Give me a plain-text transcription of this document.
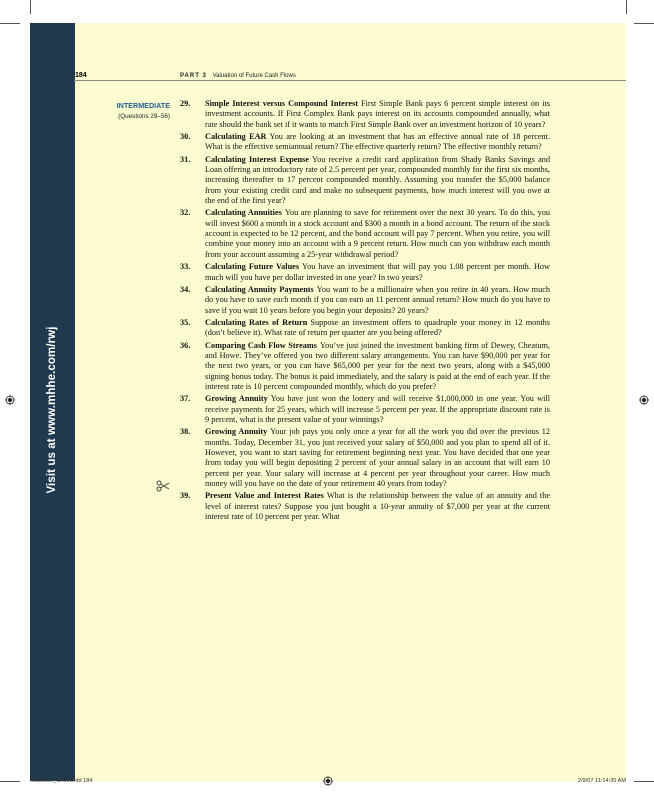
Visit us at www.mhhe.com/rwj
184	PART 3 Valuation of Future Cash Flows
INTERMEDIATE
(Questions 29–56)
29.	Simple Interest versus Compound Interest First Simple Bank pays 6 percent simple interest on its investment accounts. If First Complex Bank pays interest on its accounts compounded annually, what rate should the bank set if it wants to match First Simple Bank over an investment horizon of 10 years?
30.	Calculating EAR You are looking at an investment that has an effective annual rate of 18 percent. What is the effective semiannual return? The effective quarterly return? The effective monthly return?
31.	Calculating Interest Expense You receive a credit card application from Shady Banks Savings and Loan offering an introductory rate of 2.5 percent per year, compounded monthly for the first six months, increasing thereafter to 17 percent compounded monthly. Assuming you transfer the $5,000 balance from your existing credit card and make no subsequent payments, how much interest will you owe at the end of the first year?
32.	Calculating Annuities You are planning to save for retirement over the next 30 years. To do this, you will invest $600 a month in a stock account and $300 a month in a bond account. The return of the stock account is expected to be 12 percent, and the bond account will pay 7 percent. When you retire, you will combine your money into an account with a 9 percent return. How much can you withdraw each month from your account assuming a 25-year withdrawal period?
33.	Calculating Future Values You have an investment that will pay you 1.08 percent per month. How much will you have per dollar invested in one year? In two years?
34.	Calculating Annuity Payments You want to be a millionaire when you retire in 40 years. How much do you have to save each month if you can earn an 11 percent annual return? How much do you have to save if you wait 10 years before you begin your deposits? 20 years?
35.	Calculating Rates of Return Suppose an investment offers to quadruple your money in 12 months (don’t believe it). What rate of return per quarter are you being offered?
36.	Comparing Cash Flow Streams You’ve just joined the investment banking firm of Dewey, Cheatum, and Howe. They’ve offered you two different salary arrangements. You can have $90,000 per year for the next two years, or you can have $65,000 per year for the next two years, along with a $45,000 signing bonus today. The bonus is paid immediately, and the salary is paid at the end of each year. If the interest rate is 10 percent compounded monthly, which do you prefer?
37.	Growing Annuity You have just won the lottery and will receive $1,000,000 in one year. You will receive payments for 25 years, which will increase 5 percent per year. If the appropriate discount rate is 9 percent, what is the present value of your winnings?
38.	Growing Annuity Your job pays you only once a year for all the work you did over the previous 12 months. Today, December 31, you just received your salary of $50,000 and you plan to spend all of it. However, you want to start saving for retirement beginning next year. You have decided that one year from today you will begin depositing 2 percent of your annual salary in an account that will earn 10 percent per year. Your salary will increase at 4 percent per year throughout your career. How much money will you have on the date of your retirement 40 years from today?
39.	Present Value and Interest Rates What is the relationship between the value of an annuity and the level of interest rates? Suppose you just bought a 10-year annuity of $7,000 per year at the current interest rate of 10 percent per year. What
ros3062x_Ch06.indd 184	2/9/07 11:14:35 AM
